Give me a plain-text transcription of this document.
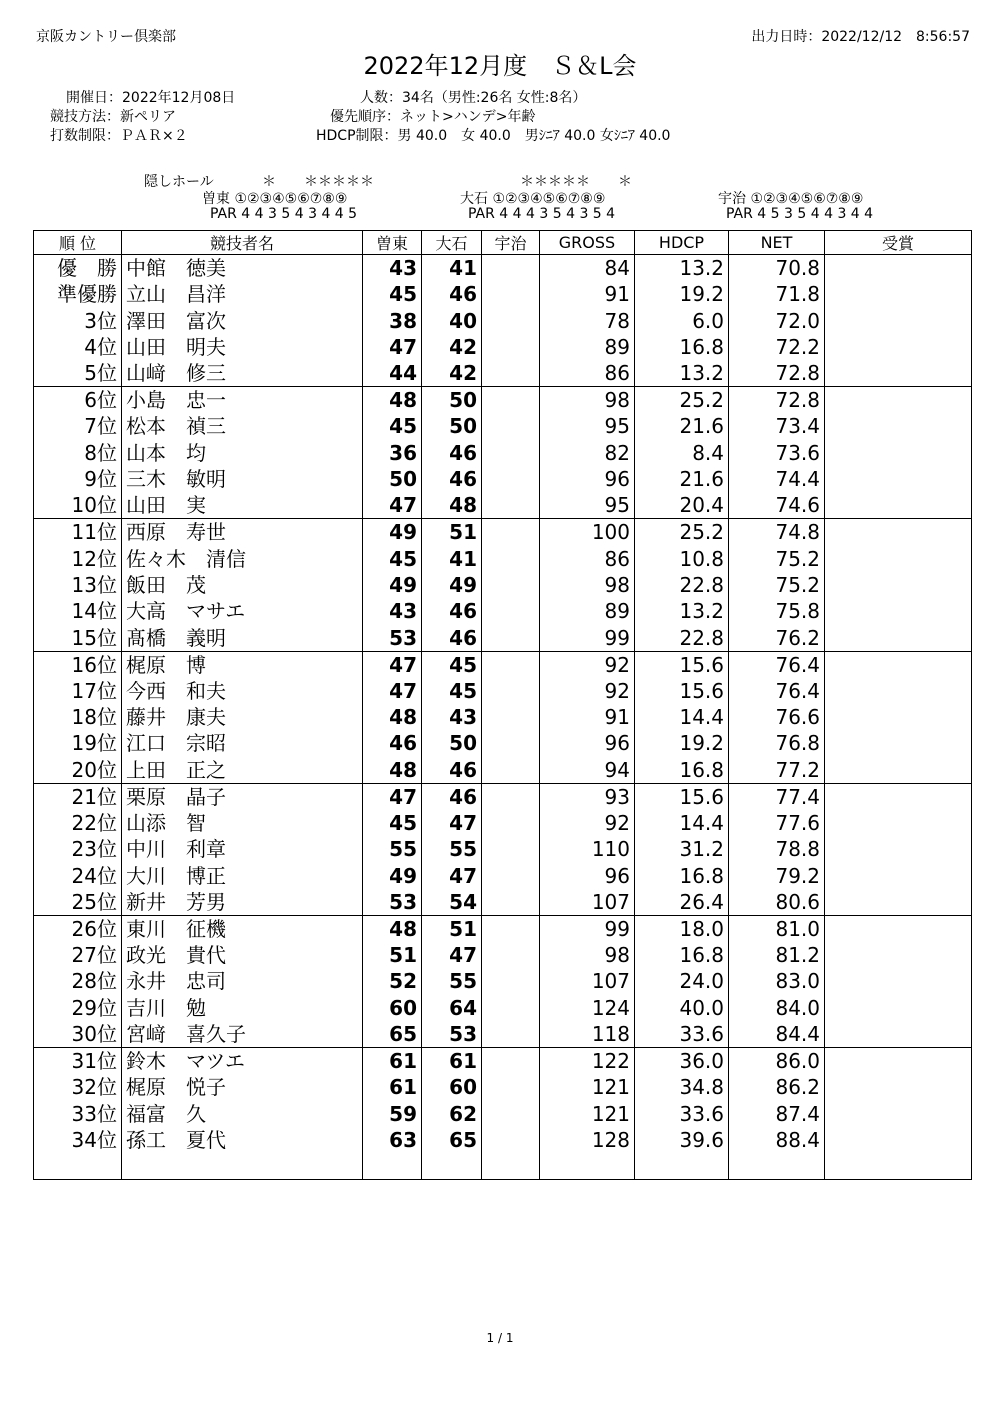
京阪カントリー倶楽部	出力日時：2022/12/12　8:56:57
2022年12月度　Ｓ＆L会
開催日：2022年12月08日
競技方法：新ペリア
打数制限：ＰＡＲ×２
人数：34名（男性:26名 女性:8名）
優先順序：ネット>ハンデ>年齢
HDCP制限：男 40.0　女 40.0　男ｼﾆｱ 40.0 女ｼﾆｱ 40.0
隠しホール	＊　　＊＊＊＊＊	＊＊＊＊＊　　＊
曽東 ①②③④⑤⑥⑦⑧⑨	大石 ①②③④⑤⑥⑦⑧⑨	宇治 ①②③④⑤⑥⑦⑧⑨
PAR 4 4 3 5 4 3 4 4 5	PAR 4 4 4 3 5 4 3 5 4	PAR 4 5 3 5 4 4 3 4 4
順 位	競技者名	曽東	大石	宇治	GROSS	HDCP	NET	受賞
優　勝	中館　徳美	43	41		84	13.2	70.8	
準優勝	立山　昌洋	45	46		91	19.2	71.8	
3位	澤田　富次	38	40		78	6.0	72.0	
4位	山田　明夫	47	42		89	16.8	72.2	
5位	山﨑　修三	44	42		86	13.2	72.8	
6位	小島　忠一	48	50		98	25.2	72.8	
7位	松本　禎三	45	50		95	21.6	73.4	
8位	山本　均	36	46		82	8.4	73.6	
9位	三木　敏明	50	46		96	21.6	74.4	
10位	山田　実	47	48		95	20.4	74.6	
11位	西原　寿世	49	51		100	25.2	74.8	
12位	佐々木　清信	45	41		86	10.8	75.2	
13位	飯田　茂	49	49		98	22.8	75.2	
14位	大高　マサエ	43	46		89	13.2	75.8	
15位	髙橋　義明	53	46		99	22.8	76.2	
16位	梶原　博	47	45		92	15.6	76.4	
17位	今西　和夫	47	45		92	15.6	76.4	
18位	藤井　康夫	48	43		91	14.4	76.6	
19位	江口　宗昭	46	50		96	19.2	76.8	
20位	上田　正之	48	46		94	16.8	77.2	
21位	栗原　晶子	47	46		93	15.6	77.4	
22位	山添　智	45	47		92	14.4	77.6	
23位	中川　利章	55	55		110	31.2	78.8	
24位	大川　博正	49	47		96	16.8	79.2	
25位	新井　芳男	53	54		107	26.4	80.6	
26位	東川　征機	48	51		99	18.0	81.0	
27位	政光　貴代	51	47		98	16.8	81.2	
28位	永井　忠司	52	55		107	24.0	83.0	
29位	吉川　勉	60	64		124	40.0	84.0	
30位	宮﨑　喜久子	65	53		118	33.6	84.4	
31位	鈴木　マツエ	61	61		122	36.0	86.0	
32位	梶原　悦子	61	60		121	34.8	86.2	
33位	福富　久	59	62		121	33.6	87.4	
34位	孫工　夏代	63	65		128	39.6	88.4	

1 / 1
